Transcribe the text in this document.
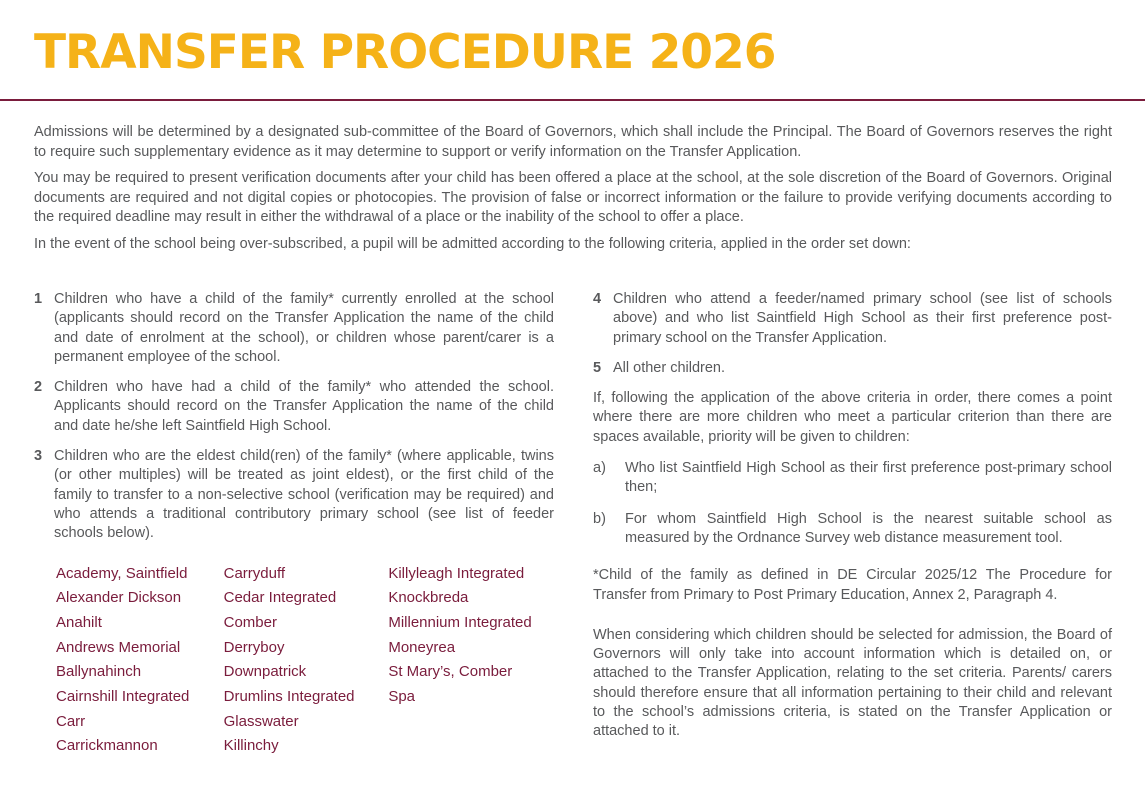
TRANSFER PROCEDURE 2026

Admissions will be determined by a designated sub-committee of the Board of Governors, which shall include the Principal. The Board of Governors reserves the right to require such supplementary evidence as it may determine to support or verify information on the Transfer Application.

You may be required to present verification documents after your child has been offered a place at the school, at the sole discretion of the Board of Governors. Original documents are required and not digital copies or photocopies. The provision of false or incorrect information or the failure to provide verifying documents according to the required deadline may result in either the withdrawal of a place or the inability of the school to offer a place.

In the event of the school being over-subscribed, a pupil will be admitted according to the following criteria, applied in the order set down:

1 Children who have a child of the family* currently enrolled at the school (applicants should record on the Transfer Application the name of the child and date of enrolment at the school), or children whose parent/carer is a permanent employee of the school.
2 Children who have had a child of the family* who attended the school. Applicants should record on the Transfer Application the name of the child and date he/she left Saintfield High School.
3 Children who are the eldest child(ren) of the family* (where applicable, twins (or other multiples) will be treated as joint eldest), or the first child of the family to transfer to a non-selective school (verification may be required) and who attends a traditional contributory primary school (see list of feeder schools below).
Academy, Saintfield
Alexander Dickson
Anahilt
Andrews Memorial
Ballynahinch
Cairnshill Integrated
Carr
Carrickmannon
Carryduff
Cedar Integrated
Comber
Derryboy
Downpatrick
Drumlins Integrated
Glasswater
Killinchy
Killyleagh Integrated
Knockbreda
Millennium Integrated
Moneyrea
St Mary’s, Comber
Spa
4 Children who attend a feeder/named primary school (see list of schools above) and who list Saintfield High School as their first preference post-primary school on the Transfer Application.
5 All other children.

If, following the application of the above criteria in order, there comes a point where there are more children who meet a particular criterion than there are spaces available, priority will be given to children:

a)	Who list Saintfield High School as their first preference post-primary school then;
b)	For whom Saintfield High School is the nearest suitable school as measured by the Ordnance Survey web distance measurement tool.

*Child of the family as defined in DE Circular 2025/12 The Procedure for Transfer from Primary to Post Primary Education, Annex 2, Paragraph 4.

When considering which children should be selected for admission, the Board of Governors will only take into account information which is detailed on, or attached to the Transfer Application, relating to the set criteria. Parents/ carers should therefore ensure that all information pertaining to their child and relevant to the school’s admissions criteria, is stated on the Transfer Application or attached to it.
